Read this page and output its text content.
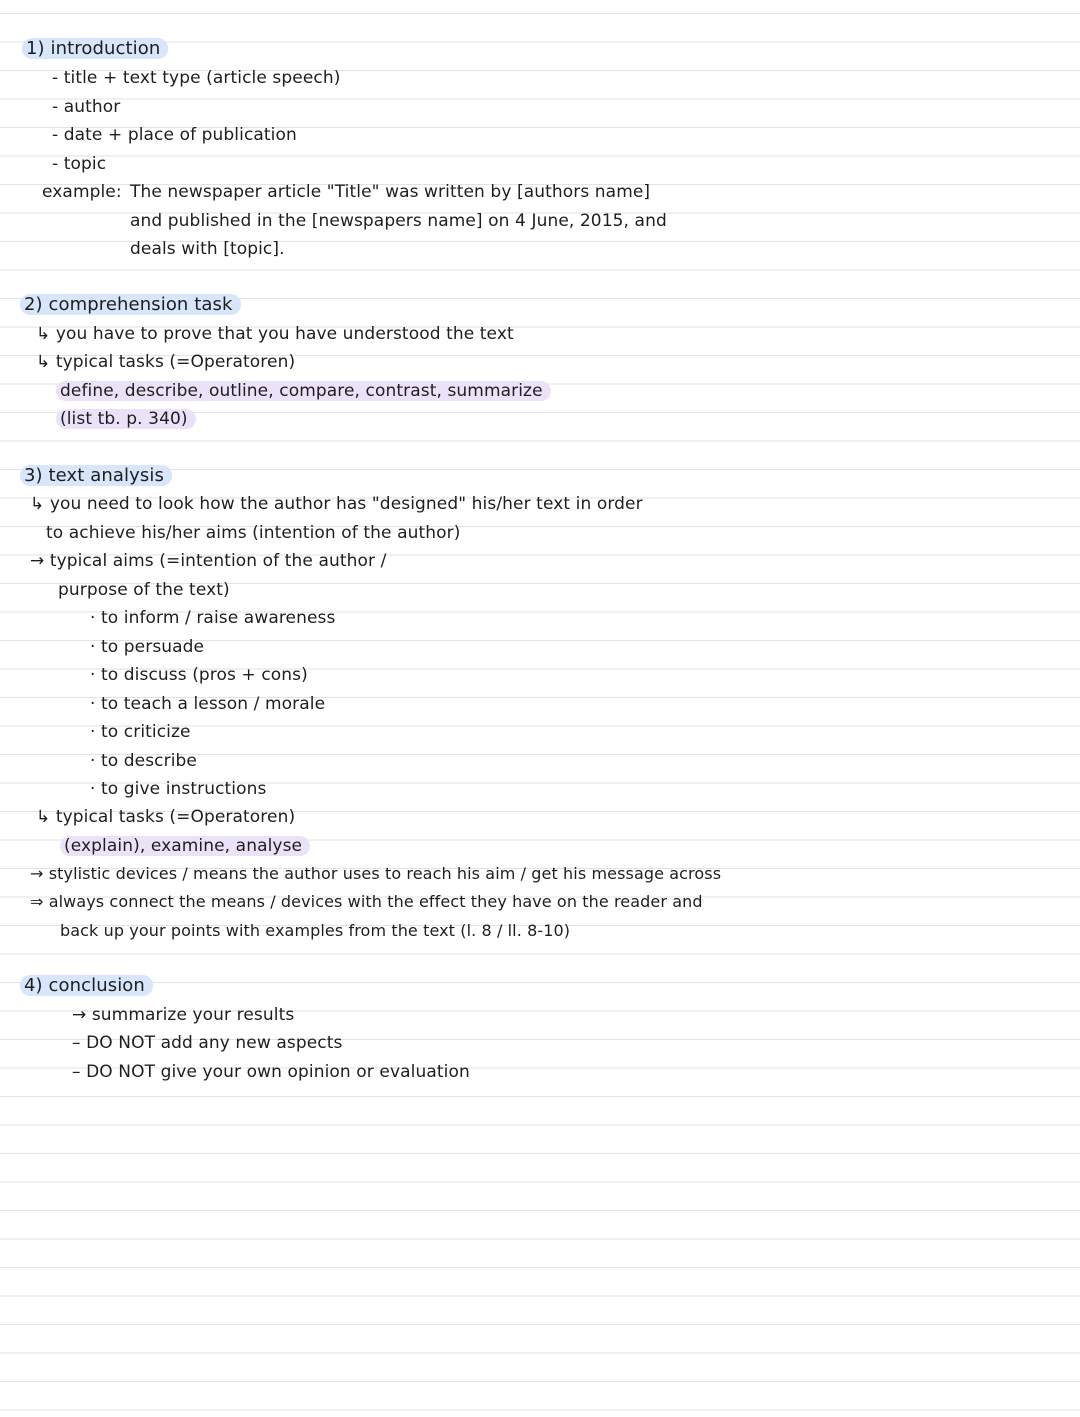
1) introduction
- title + text type (article speech)
- author
- date + place of publication
- topic
example: The newspaper article "Title" was written by [authors name]
and published in the [newspapers name] on 4 June, 2015, and
deals with [topic].
2) comprehension task
↳ you have to prove that you have understood the text
↳ typical tasks (=Operatoren)
define, describe, outline, compare, contrast, summarize
(list tb. p. 340)
3) text analysis
↳ you need to look how the author has "designed" his/her text in order
to achieve his/her aims (intention of the author)
→ typical aims (=intention of the author /
purpose of the text)
· to inform / raise awareness
· to persuade
· to discuss (pros + cons)
· to teach a lesson / morale
· to criticize
· to describe
· to give instructions
↳ typical tasks (=Operatoren)
(explain), examine, analyse
→ stylistic devices / means the author uses to reach his aim / get his message across
⇒ always connect the means / devices with the effect they have on the reader and
back up your points with examples from the text (l. 8 / ll. 8-10)
4) conclusion
→ summarize your results
– DO NOT add any new aspects
– DO NOT give your own opinion or evaluation
